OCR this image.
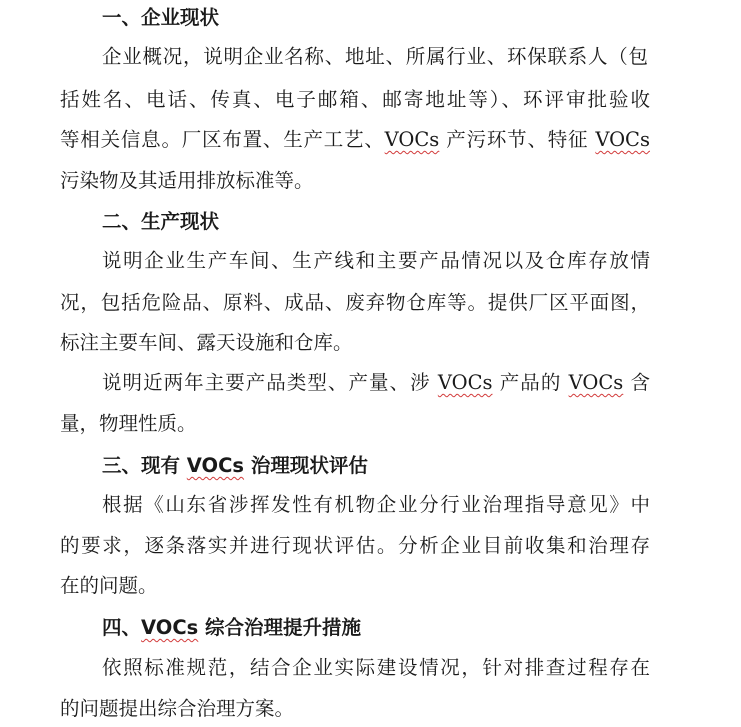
一、企业现状
企业概况，说明企业名称、地址、所属行业、环保联系人（包
括姓名、电话、传真、电子邮箱、邮寄地址等）、环评审批验收
等相关信息。厂区布置、生产工艺、VOCs 产污环节、特征 VOCs
污染物及其适用排放标准等。
二、生产现状
说明企业生产车间、生产线和主要产品情况以及仓库存放情
况，包括危险品、原料、成品、废弃物仓库等。提供厂区平面图，
标注主要车间、露天设施和仓库。
说明近两年主要产品类型、产量、涉 VOCs 产品的 VOCs 含
量，物理性质。
三、现有 VOCs 治理现状评估
根据《山东省涉挥发性有机物企业分行业治理指导意见》中
的要求，逐条落实并进行现状评估。分析企业目前收集和治理存
在的问题。
四、VOCs 综合治理提升措施
依照标准规范，结合企业实际建设情况，针对排查过程存在
的问题提出综合治理方案。
